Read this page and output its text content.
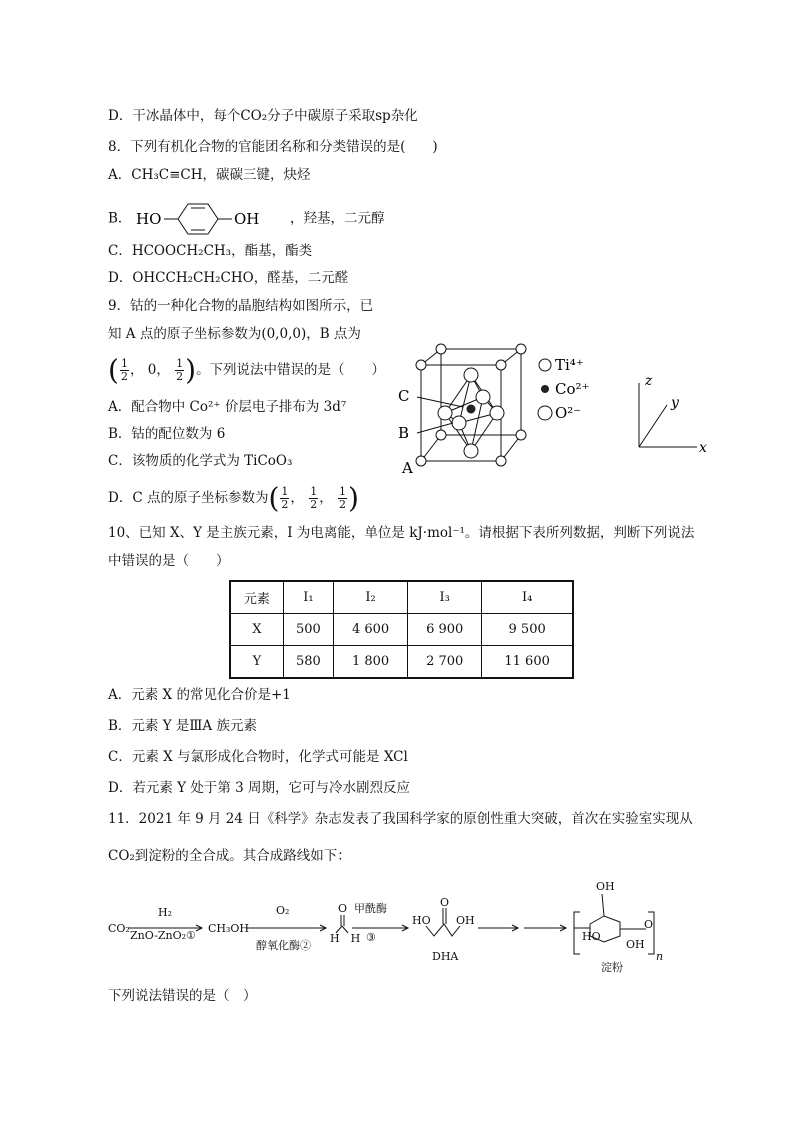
D．干冰晶体中，每个CO₂分子中碳原子采取sp杂化
8．下列有机化合物的官能团名称和分类错误的是(　　)
A．CH₃C≡CH，碳碳三键，炔烃
B． HO	OH ，羟基，二元醇
C．HCOOCH₂CH₃，酯基，酯类
D．OHCCH₂CH₂CHO，醛基，二元醛
9．钴的一种化合物的晶胞结构如图所示，已
知 A 点的原子坐标参数为(0,0,0)，B 点为
( $\frac{1}{2}$ ， 0， $\frac{1}{2}$ )。下列说法中错误的是（　　）
A．配合物中 Co²⁺ 价层电子排布为 3d⁷
B．钴的配位数为 6
C．该物质的化学式为 TiCoO₃
D．C 点的原子坐标参数为( $\frac{1}{2}$ ， $\frac{1}{2}$ ， $\frac{1}{2}$ )
C
B
A
Ti⁴⁺
Co²⁺
O²⁻
z
y
x
10、已知 X、Y 是主族元素，I 为电离能，单位是 kJ·mol⁻¹。请根据下表所列数据，判断下列说法
中错误的是（　　）
元素	I₁	I₂	I₃	I₄
X	500	4 600	6 900	9 500
Y	580	1 800	2 700	11 600
A．元素 X 的常见化合价是+1
B．元素 Y 是ⅢA 族元素
C．元素 X 与氯形成化合物时，化学式可能是 XCl
D．若元素 Y 处于第 3 周期，它可与冷水剧烈反应
11．2021 年 9 月 24 日《科学》杂志发表了我国科学家的原创性重大突破，首次在实验室实现从
CO₂到淀粉的全合成。其合成路线如下：
CO₂
H₂
ZnO-ZnO₂①
CH₃OH
O₂
醇氧化酶②
O
H　H
甲酰酶
③
HO
O
OH
DHA
OH
HO
OH
O
n
淀粉
下列说法错误的是（　）
